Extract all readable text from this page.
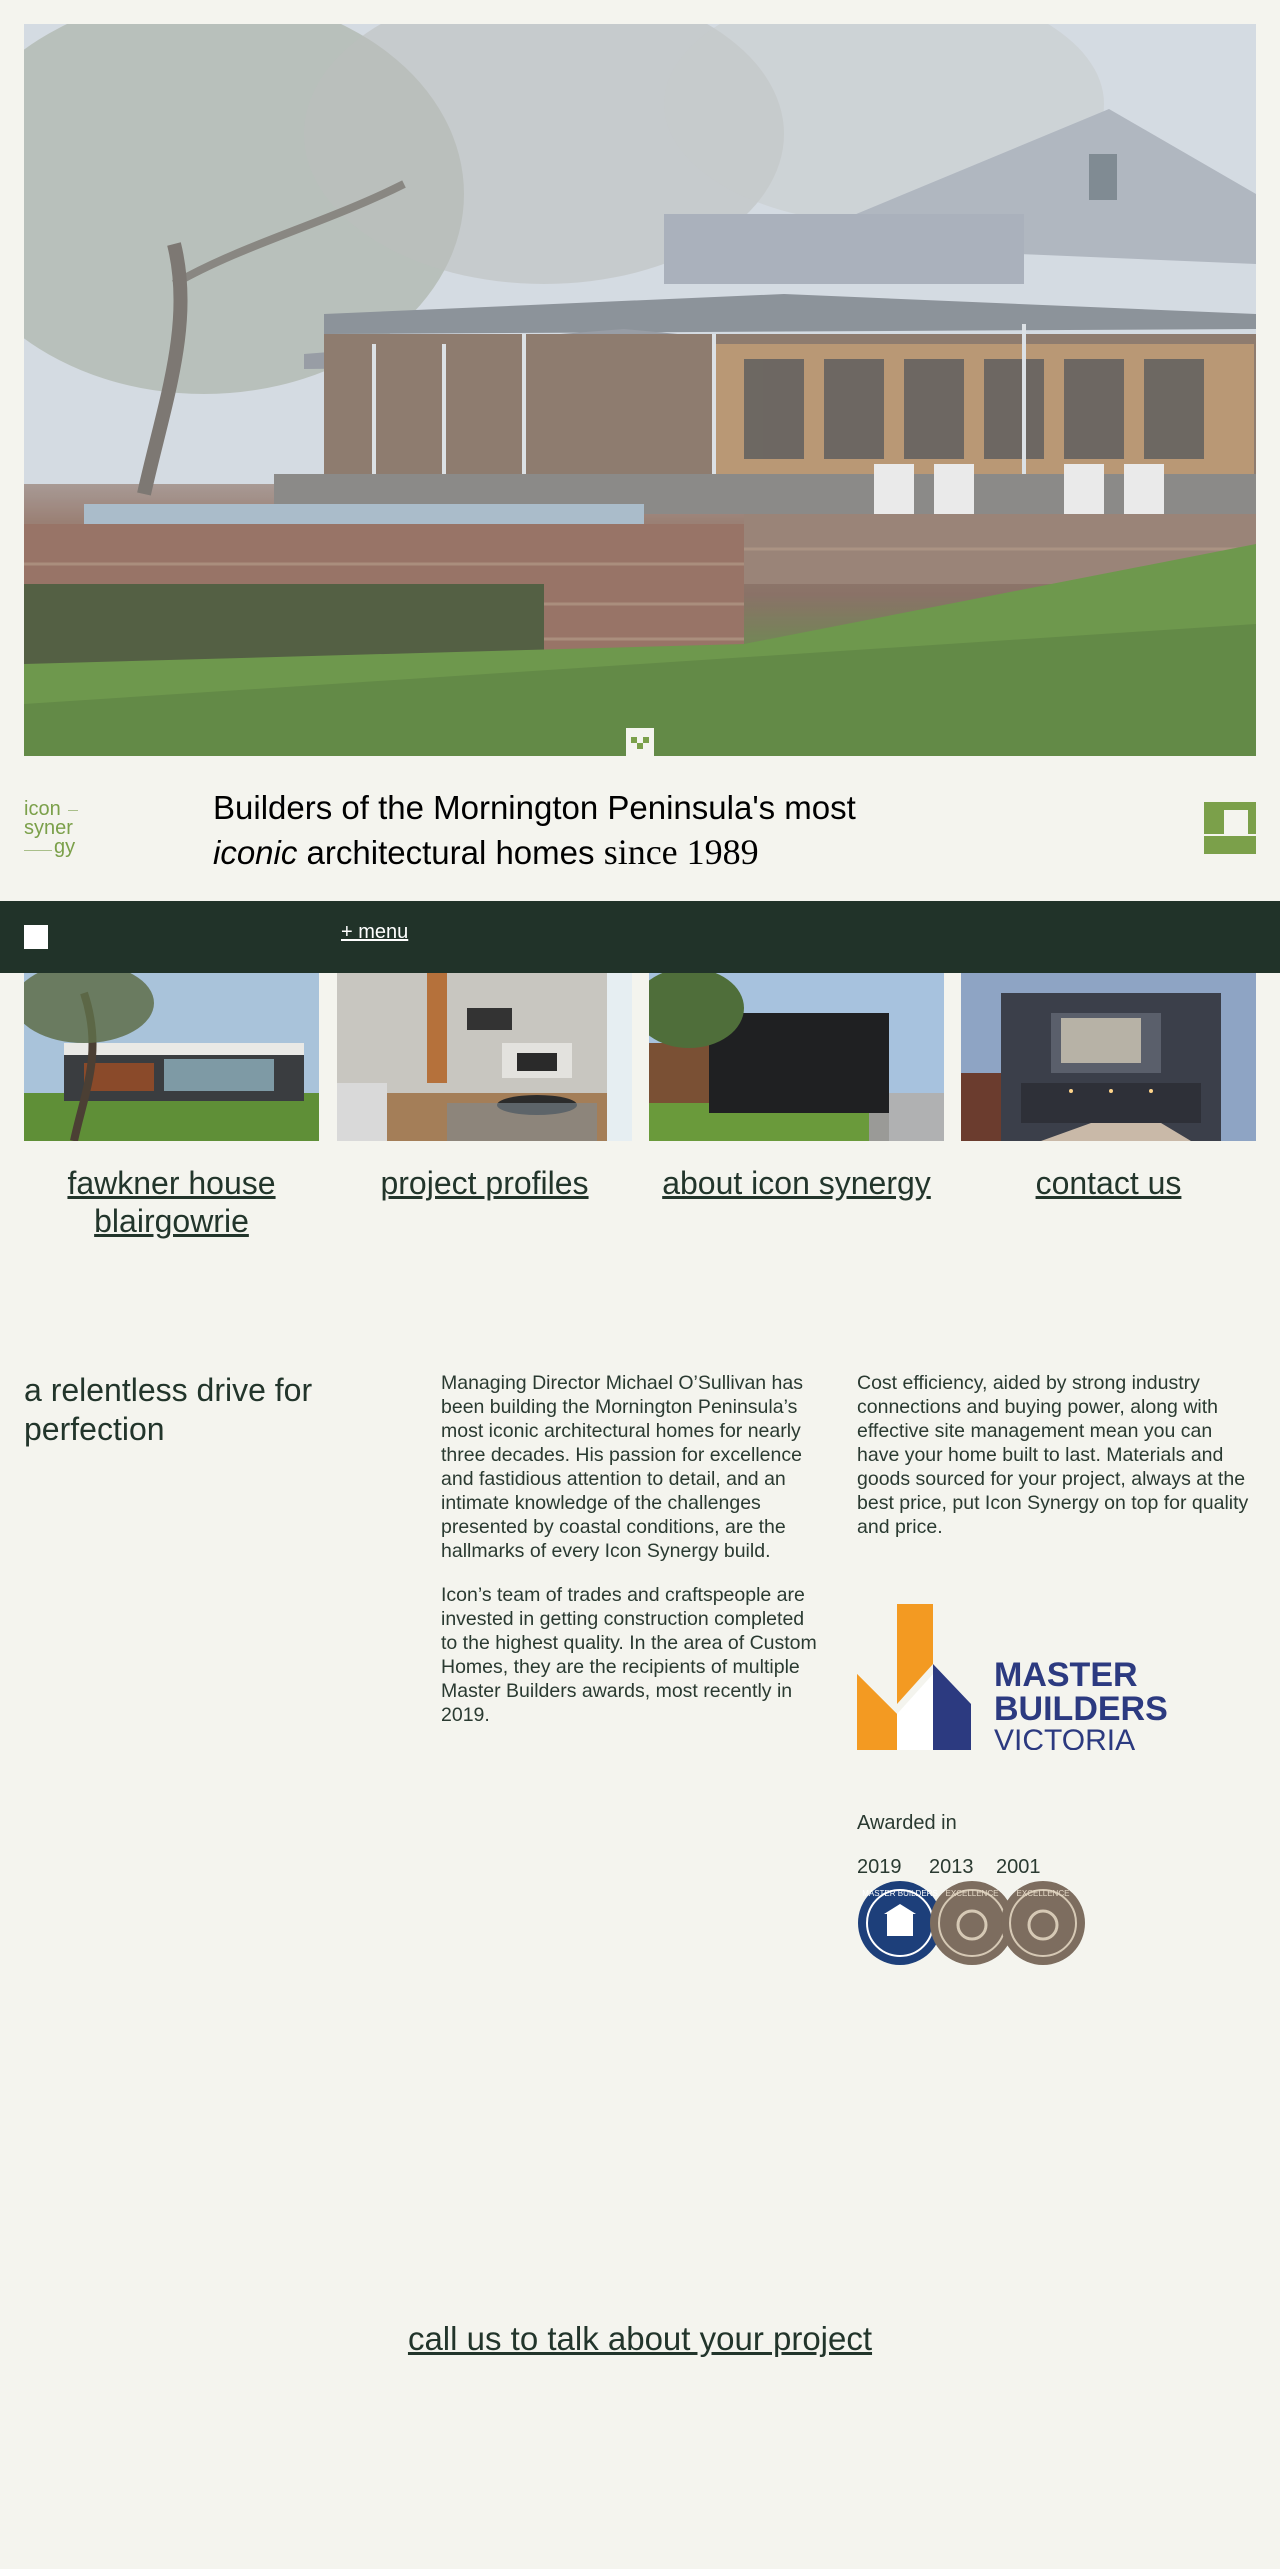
icon
syner
gy
Builders of the Mornington Peninsula's most
iconic architectural homes since 1989
+ menu
fawkner house blairgowrie
project profiles	about icon synergy	contact us
a relentless drive for perfection

Managing Director Michael O’Sullivan has been building the Mornington Peninsula’s most iconic architectural homes for nearly three decades. His passion for excellence and fastidious attention to detail, and an intimate knowledge of the challenges presented by coastal conditions, are the hallmarks of every Icon Synergy build.

Icon’s team of trades and craftspeople are invested in getting construction completed to the highest quality. In the area of Custom Homes, they are the recipients of multiple Master Builders awards, most recently in 2019.

Cost efficiency, aided by strong industry connections and buying power, along with effective site management mean you can have your home built to last. Materials and goods sourced for your project, always at the best price, put Icon Synergy on top for quality and price.

MASTER
BUILDERS
VICTORIA
Awarded in
2019 2013 2001
MASTER BUILDERS EXCELLENCE EXCELLENCE
call us to talk about your project
